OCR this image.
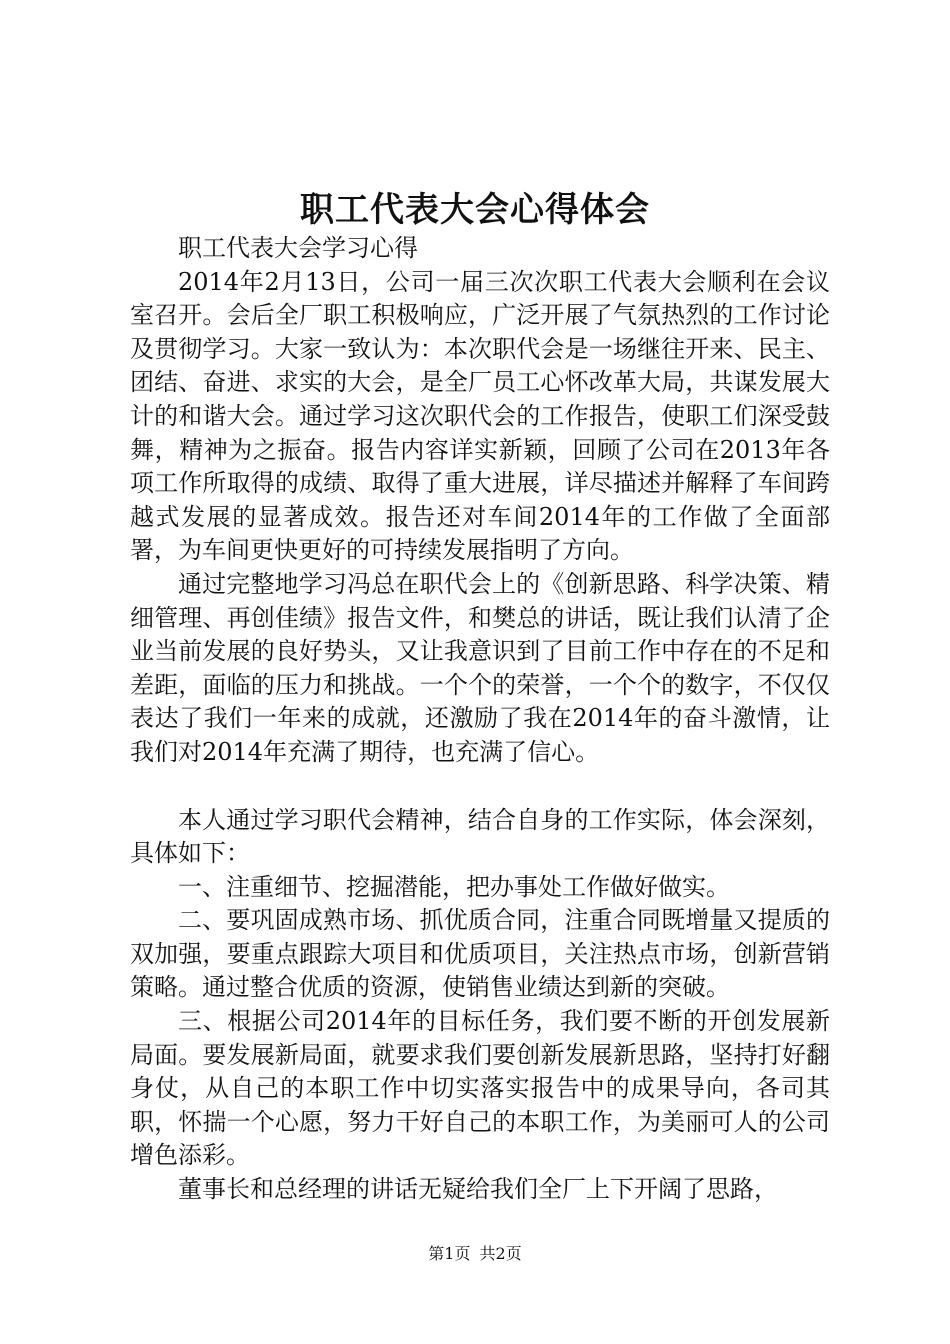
职工代表大会心得体会

职工代表大会学习心得

2014年2月13日，公司一届三次次职工代表大会顺利在会议室召开。会后全厂职工积极响应，广泛开展了气氛热烈的工作讨论及贯彻学习。大家一致认为：本次职代会是一场继往开来、民主、团结、奋进、求实的大会，是全厂员工心怀改革大局，共谋发展大计的和谐大会。通过学习这次职代会的工作报告，使职工们深受鼓舞，精神为之振奋。报告内容详实新颖，回顾了公司在2013年各项工作所取得的成绩、取得了重大进展，详尽描述并解释了车间跨越式发展的显著成效。报告还对车间2014年的工作做了全面部署，为车间更快更好的可持续发展指明了方向。

通过完整地学习冯总在职代会上的《创新思路、科学决策、精细管理、再创佳绩》报告文件，和樊总的讲话，既让我们认清了企业当前发展的良好势头，又让我意识到了目前工作中存在的不足和差距，面临的压力和挑战。一个个的荣誉，一个个的数字，不仅仅表达了我们一年来的成就，还激励了我在2014年的奋斗激情，让我们对2014年充满了期待，也充满了信心。

本人通过学习职代会精神，结合自身的工作实际，体会深刻，具体如下：

一、注重细节、挖掘潜能，把办事处工作做好做实。

二、要巩固成熟市场、抓优质合同，注重合同既增量又提质的双加强，要重点跟踪大项目和优质项目，关注热点市场，创新营销策略。通过整合优质的资源，使销售业绩达到新的突破。

三、根据公司2014年的目标任务，我们要不断的开创发展新局面。要发展新局面，就要求我们要创新发展新思路，坚持打好翻身仗，从自己的本职工作中切实落实报告中的成果导向，各司其职，怀揣一个心愿，努力干好自己的本职工作，为美丽可人的公司增色添彩。

董事长和总经理的讲话无疑给我们全厂上下开阔了思路，

第1页 共2页
